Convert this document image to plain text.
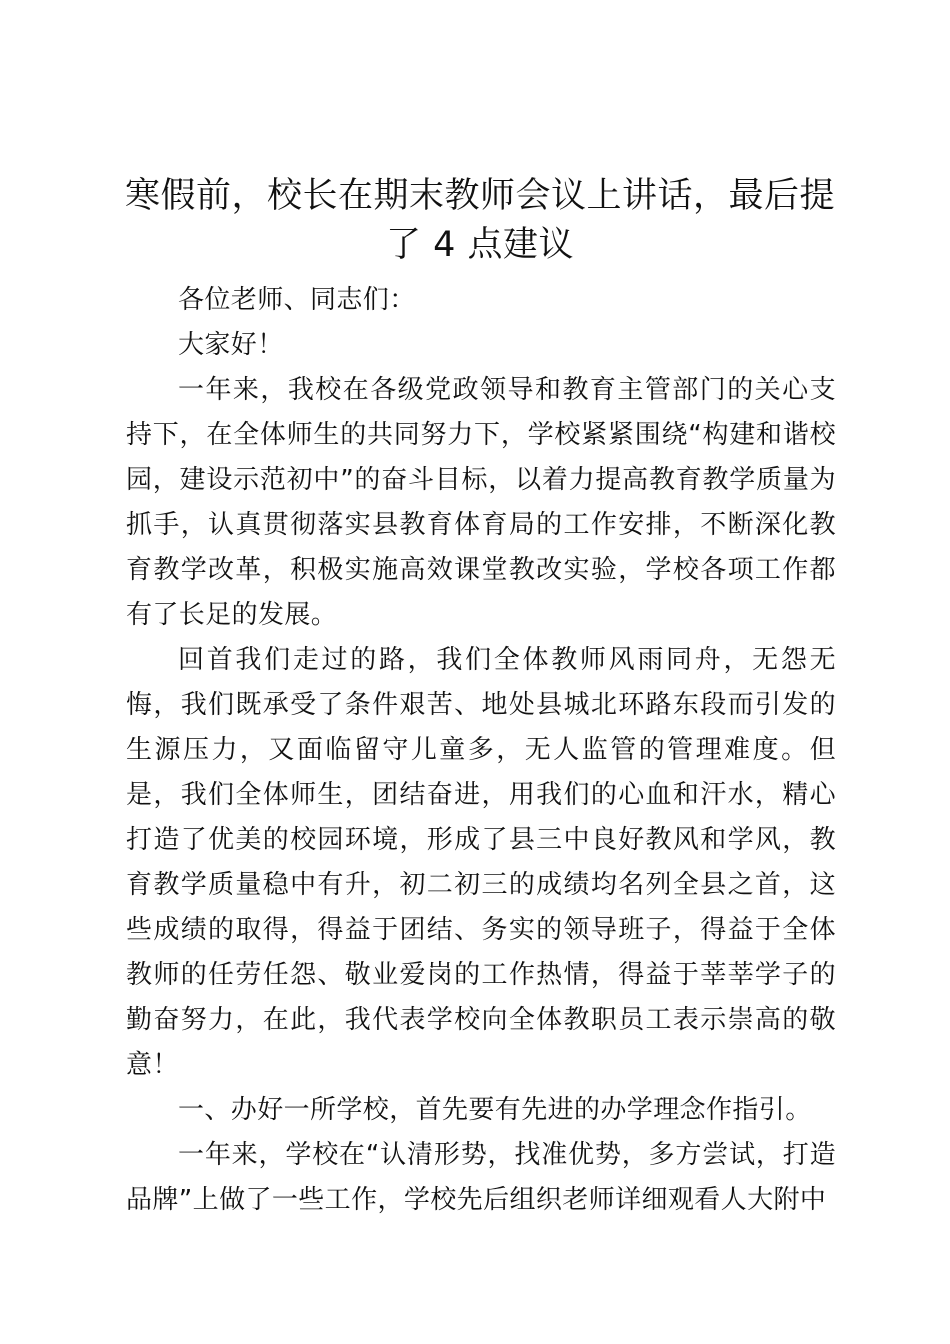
寒假前，校长在期末教师会议上讲话，最后提了 4 点建议

各位老师、同志们：

大家好！

一年来，我校在各级党政领导和教育主管部门的关心支持下，在全体师生的共同努力下，学校紧紧围绕“构建和谐校园，建设示范初中”的奋斗目标，以着力提高教育教学质量为抓手，认真贯彻落实县教育体育局的工作安排，不断深化教育教学改革，积极实施高效课堂教改实验，学校各项工作都有了长足的发展。

回首我们走过的路，我们全体教师风雨同舟，无怨无悔，我们既承受了条件艰苦、地处县城北环路东段而引发的生源压力，又面临留守儿童多，无人监管的管理难度。但是，我们全体师生，团结奋进，用我们的心血和汗水，精心打造了优美的校园环境，形成了县三中良好教风和学风，教育教学质量稳中有升，初二初三的成绩均名列全县之首，这些成绩的取得，得益于团结、务实的领导班子，得益于全体教师的任劳任怨、敬业爱岗的工作热情，得益于莘莘学子的勤奋努力，在此，我代表学校向全体教职员工表示崇高的敬意！

一、办好一所学校，首先要有先进的办学理念作指引。

一年来，学校在“认清形势，找准优势，多方尝试，打造品牌”上做了一些工作，学校先后组织老师详细观看人大附中
